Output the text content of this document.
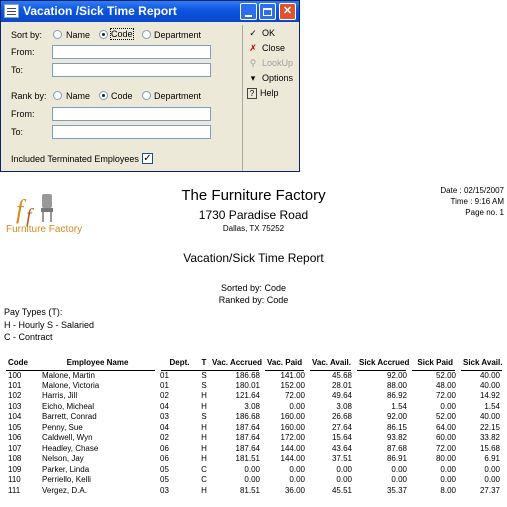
Vacation /Sick Time Report	✕
Sort by:	Name Code Department
From:
To:
Rank by: Name Code Department
From:
To:
Included Terminated Employees ✓
✓ OK
✗ Close
⚲ LookUp
▾ Options
? Help
f f
Furniture Factory
The Furniture Factory
1730 Paradise Road
Dallas, TX 75252
Date : 02/15/2007
Time : 9:16 AM
Page no. 1
Vacation/Sick Time Report
Sorted by: Code
Ranked by: Code
Pay Types (T):
H - Hourly S - Salaried
C - Contract
Code	Employee Name	Dept.	T	Vac. Accrued	Vac. Paid	Vac. Avail.	Sick Accrued	Sick Paid	Sick Avail.
100	Malone, Martin	01	S	186.68	141.00	45.68	92.00	52.00	40.00
101	Malone, Victoria	01	S	180.01	152.00	28.01	88.00	48.00	40.00
102	Harris, Jill	02	H	121.64	72.00	49.64	86.92	72.00	14.92
103	Eicho, Micheal	04	H	3.08	0.00	3.08	1.54	0.00	1.54
104	Barrett, Conrad	03	S	186.68	160.00	26.68	92.00	52.00	40.00
105	Penny, Sue	04	H	187.64	160.00	27.64	86.15	64.00	22.15
106	Caldwell, Wyn	02	H	187.64	172.00	15.64	93.82	60.00	33.82
107	Headley, Chase	06	H	187.64	144.00	43.64	87.68	72.00	15.68
108	Nelson, Jay	06	H	181.51	144.00	37.51	86.91	80.00	6.91
109	Parker, Linda	05	C	0.00	0.00	0.00	0.00	0.00	0.00
110	Perriello, Kelli	05	C	0.00	0.00	0.00	0.00	0.00	0.00
111	Vergez, D.A.	03	H	81.51	36.00	45.51	35.37	8.00	27.37
